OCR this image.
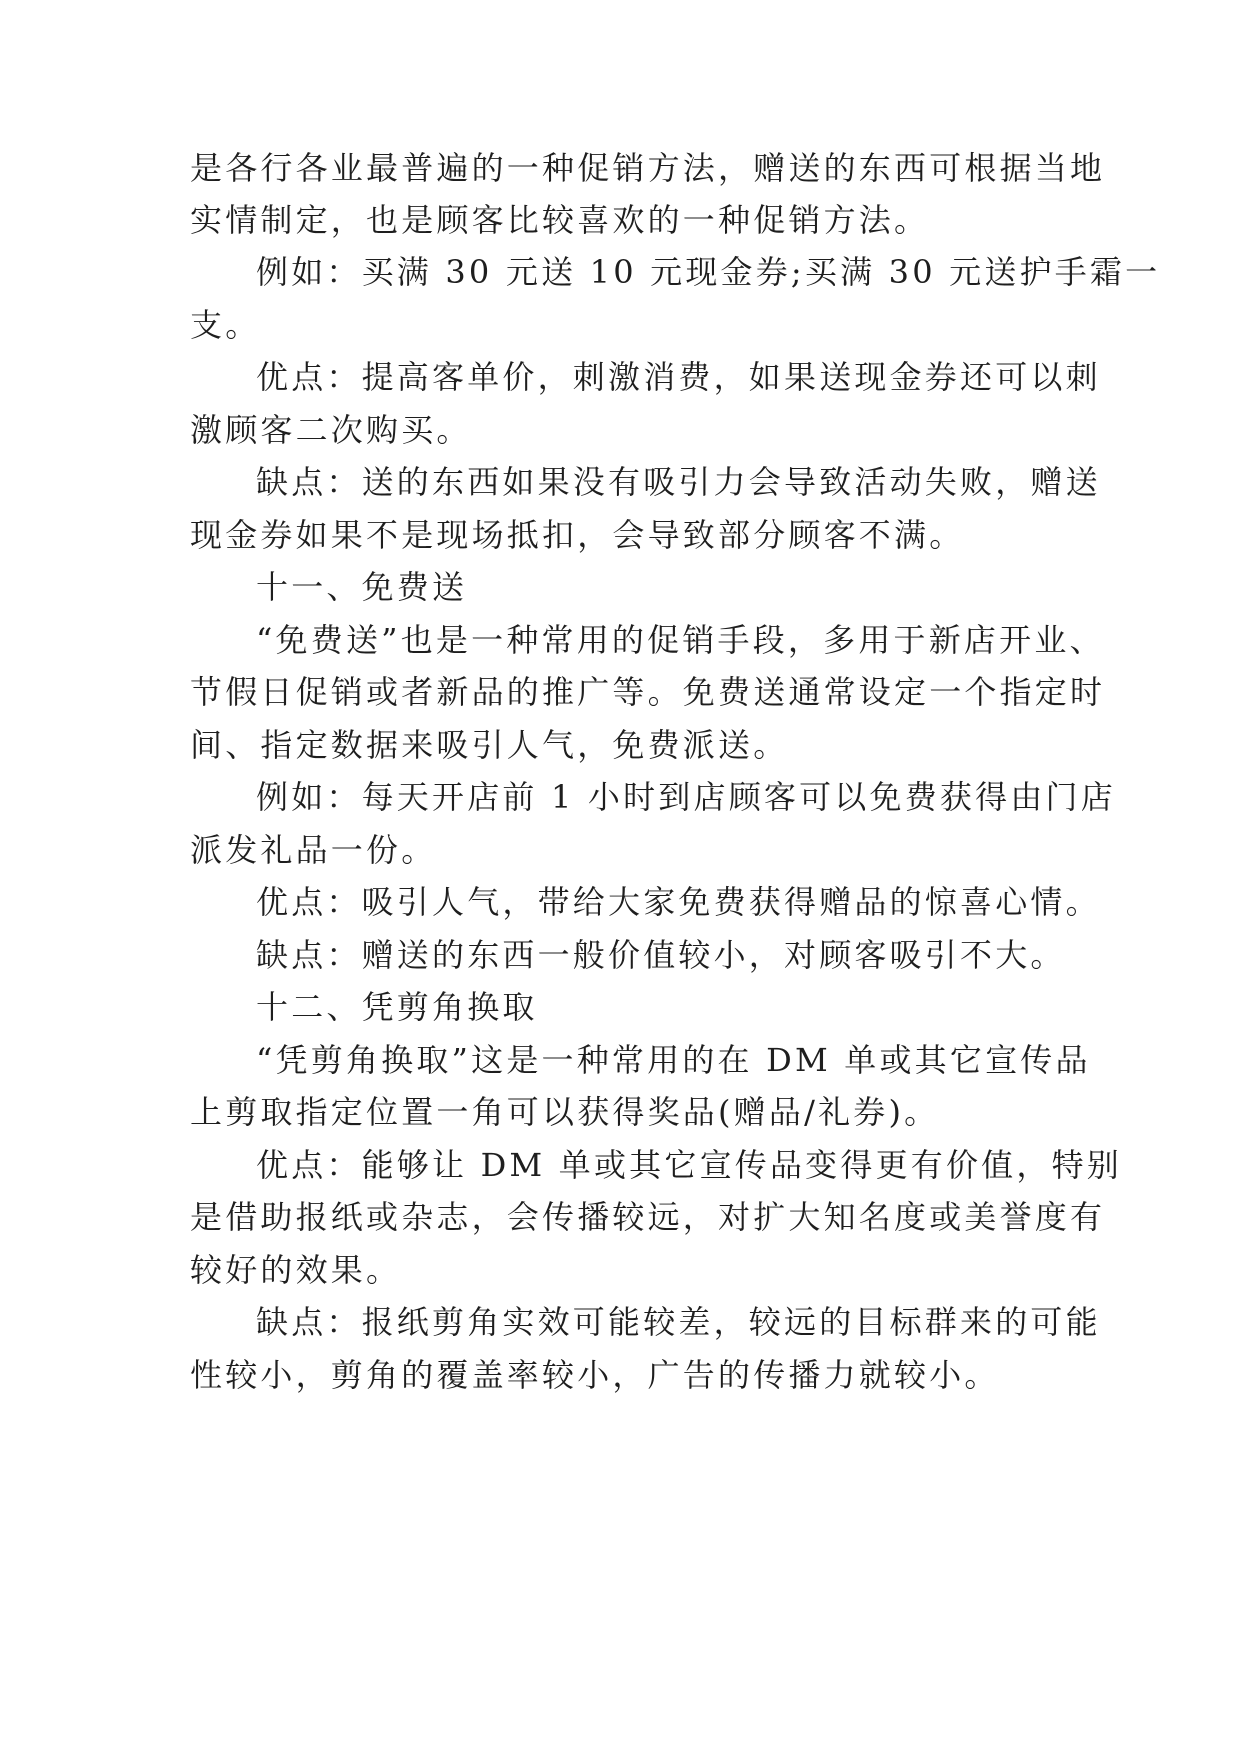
是各行各业最普遍的一种促销方法，赠送的东西可根据当地
实情制定，也是顾客比较喜欢的一种促销方法。
例如：买满 30 元送 10 元现金券;买满 30 元送护手霜一
支。
优点：提高客单价，刺激消费，如果送现金券还可以刺
激顾客二次购买。
缺点：送的东西如果没有吸引力会导致活动失败，赠送
现金券如果不是现场抵扣，会导致部分顾客不满。
十一、免费送
“免费送”也是一种常用的促销手段，多用于新店开业、
节假日促销或者新品的推广等。免费送通常设定一个指定时
间、指定数据来吸引人气，免费派送。
例如：每天开店前 1 小时到店顾客可以免费获得由门店
派发礼品一份。
优点：吸引人气，带给大家免费获得赠品的惊喜心情。
缺点：赠送的东西一般价值较小，对顾客吸引不大。
十二、凭剪角换取
“凭剪角换取”这是一种常用的在 DM 单或其它宣传品
上剪取指定位置一角可以获得奖品(赠品/礼券)。
优点：能够让 DM 单或其它宣传品变得更有价值，特别
是借助报纸或杂志，会传播较远，对扩大知名度或美誉度有
较好的效果。
缺点：报纸剪角实效可能较差，较远的目标群来的可能
性较小，剪角的覆盖率较小，广告的传播力就较小。
